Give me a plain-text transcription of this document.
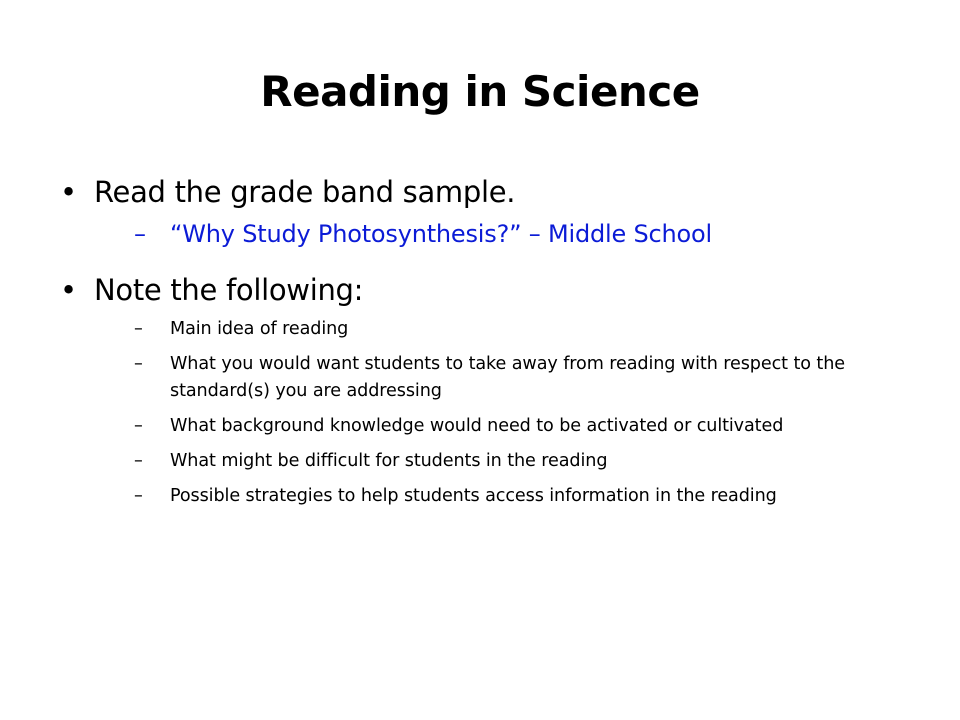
Reading in Science
• Read the grade band sample.
– “Why Study Photosynthesis?” – Middle School
• Note the following:
– Main idea of reading
– What you would want students to take away from reading with respect to the standard(s) you are addressing
– What background knowledge would need to be activated or cultivated
– What might be difficult for students in the reading
– Possible strategies to help students access information in the reading
